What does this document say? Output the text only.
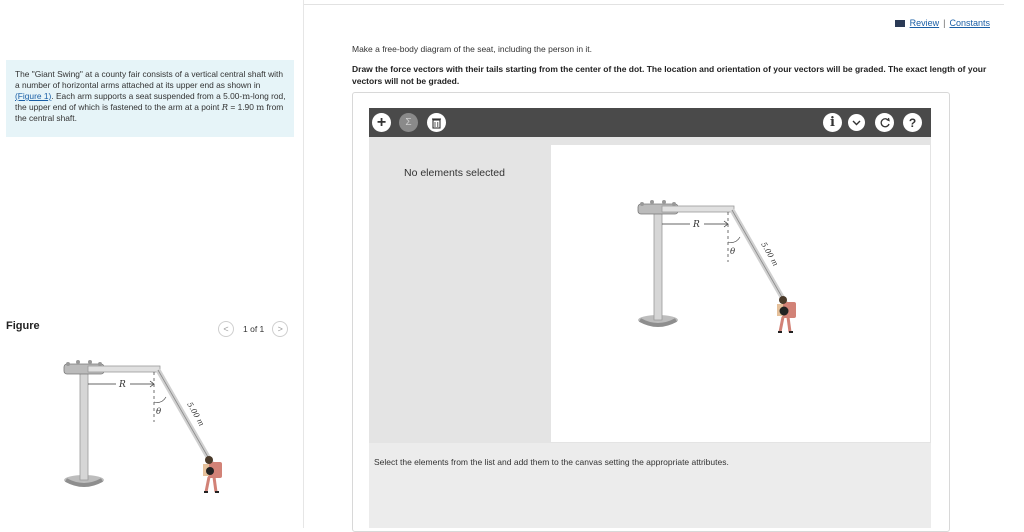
The "Giant Swing" at a county fair consists of a vertical central shaft with a number of horizontal arms attached at its upper end as shown in (Figure 1). Each arm supports a seat suspended from a 5.00-m-long rod, the upper end of which is fastened to the arm at a point R = 1.90 m from the central shaft.
Figure	<	1 of 1	>
R
θ	5.00 m
Review | Constants
Make a free-body diagram of the seat, including the person in it.
Draw the force vectors with their tails starting from the center of the dot. The location and orientation of your vectors will be graded. The exact length of your vectors will not be graded.
+	Σ	i	?
No elements selected
R
θ	5.00 m
Select the elements from the list and add them to the canvas setting the appropriate attributes.
